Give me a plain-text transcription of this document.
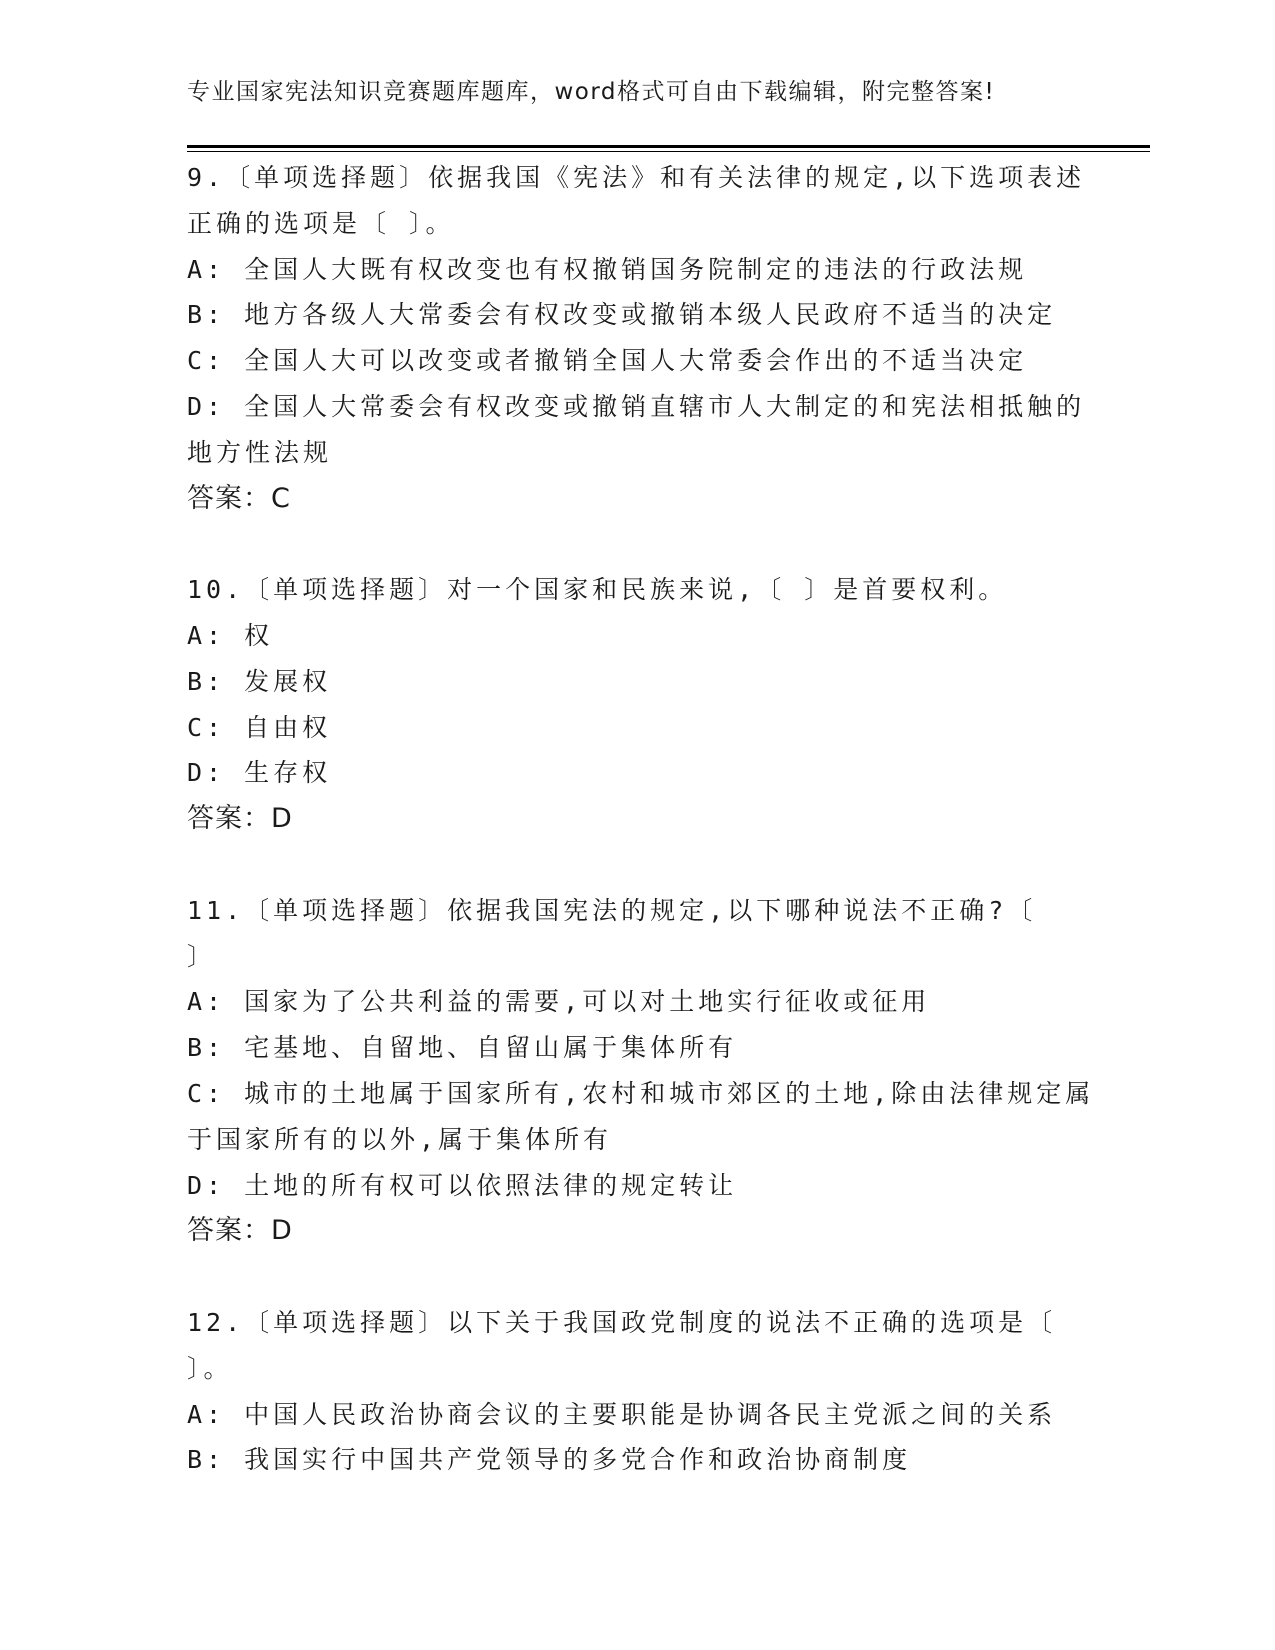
专业国家宪法知识竞赛题库题库，word格式可自由下载编辑，附完整答案!
9.〔单项选择题〕依据我国《宪法》和有关法律的规定,以下选项表述
正确的选项是〔 〕。
A: 全国人大既有权改变也有权撤销国务院制定的违法的行政法规
B: 地方各级人大常委会有权改变或撤销本级人民政府不适当的决定
C: 全国人大可以改变或者撤销全国人大常委会作出的不适当决定
D: 全国人大常委会有权改变或撤销直辖市人大制定的和宪法相抵触的
地方性法规
答案：C
10.〔单项选择题〕对一个国家和民族来说,〔 〕是首要权利。
A: 权
B: 发展权
C: 自由权
D: 生存权
答案：D
11.〔单项选择题〕依据我国宪法的规定,以下哪种说法不正确?〔
〕
A: 国家为了公共利益的需要,可以对土地实行征收或征用
B: 宅基地、自留地、自留山属于集体所有
C: 城市的土地属于国家所有,农村和城市郊区的土地,除由法律规定属
于国家所有的以外,属于集体所有
D: 土地的所有权可以依照法律的规定转让
答案：D
12.〔单项选择题〕以下关于我国政党制度的说法不正确的选项是〔
〕。
A: 中国人民政治协商会议的主要职能是协调各民主党派之间的关系
B: 我国实行中国共产党领导的多党合作和政治协商制度
